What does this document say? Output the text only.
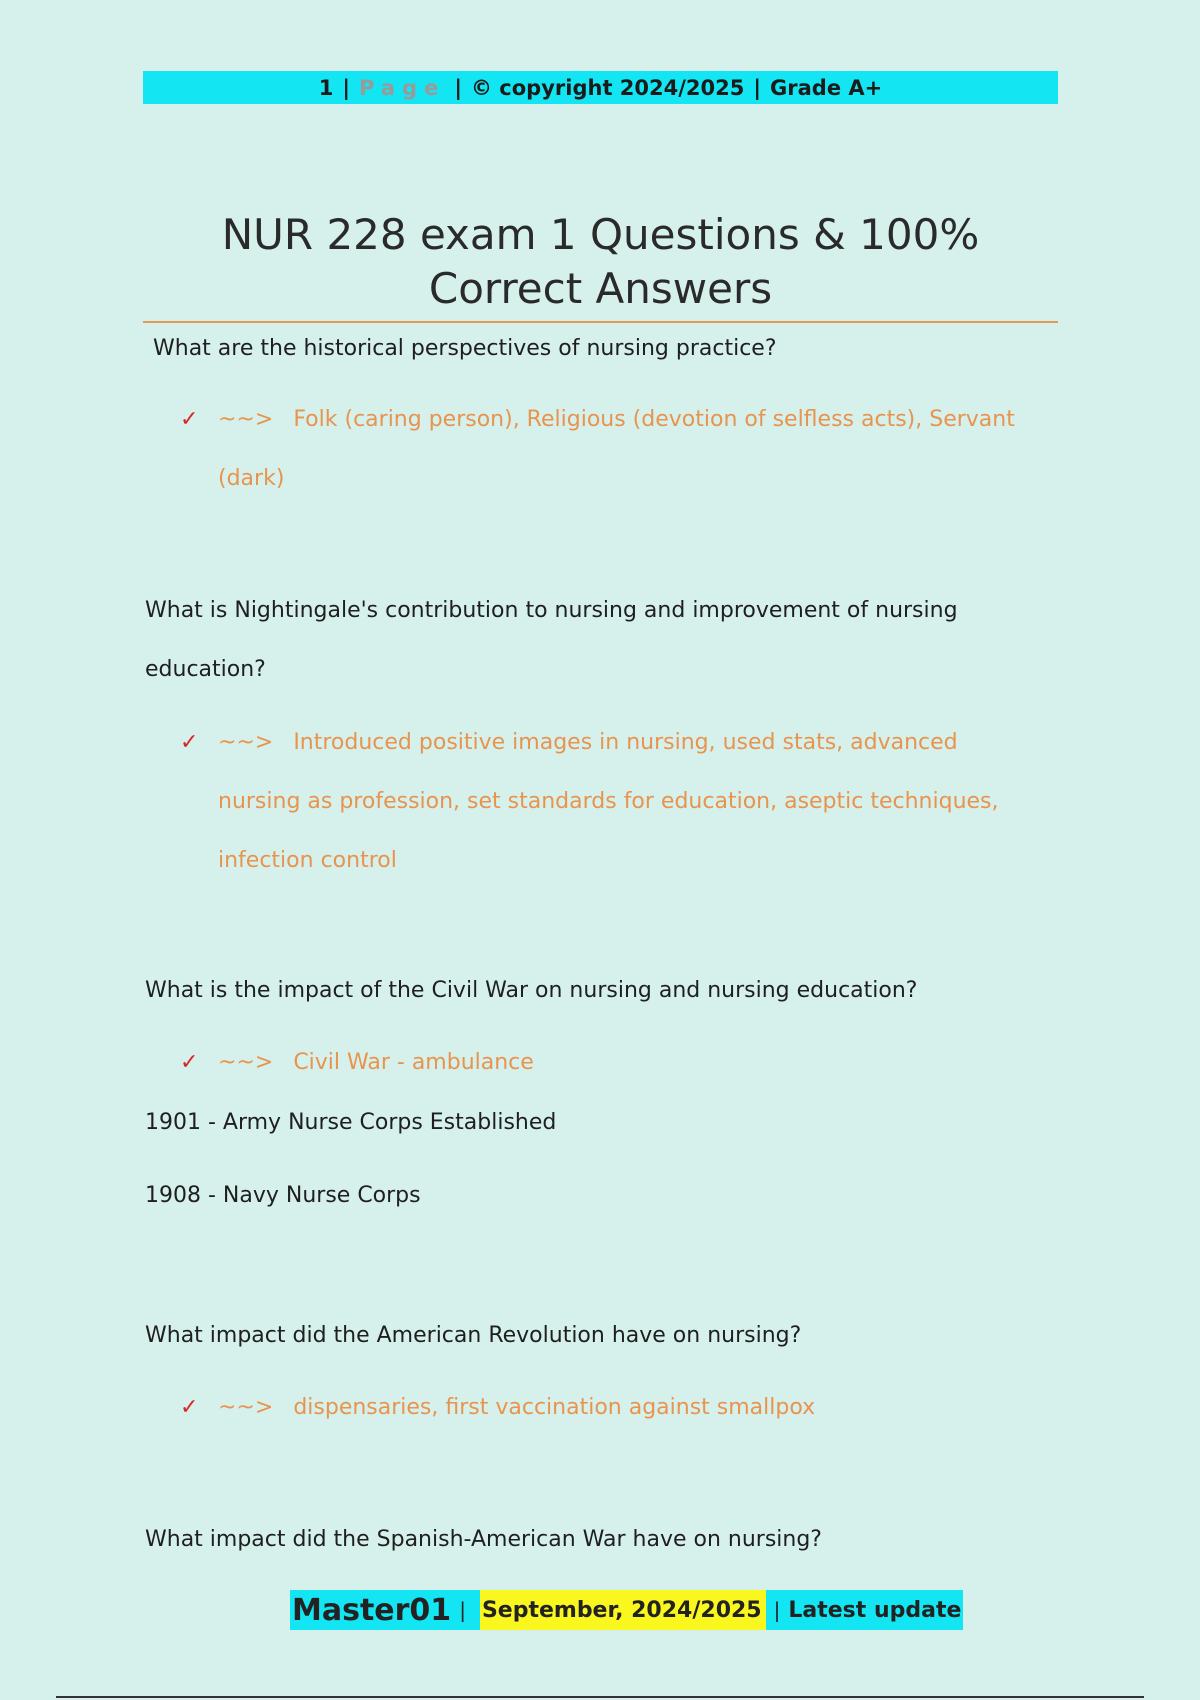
1 | Page | © copyright 2024/2025 | Grade A+
NUR 228 exam 1 Questions & 100%
Correct Answers
What are the historical perspectives of nursing practice?
✓ ~~> Folk (caring person), Religious (devotion of selfless acts), Servant
(dark)
What is Nightingale's contribution to nursing and improvement of nursing
education?
✓ ~~> Introduced positive images in nursing, used stats, advanced
nursing as profession, set standards for education, aseptic techniques,
infection control
What is the impact of the Civil War on nursing and nursing education?
✓ ~~> Civil War - ambulance
1901 - Army Nurse Corps Established
1908 - Navy Nurse Corps
What impact did the American Revolution have on nursing?
✓ ~~> dispensaries, first vaccination against smallpox
What impact did the Spanish-American War have on nursing?
Master01 | September, 2024/2025 | Latest update
